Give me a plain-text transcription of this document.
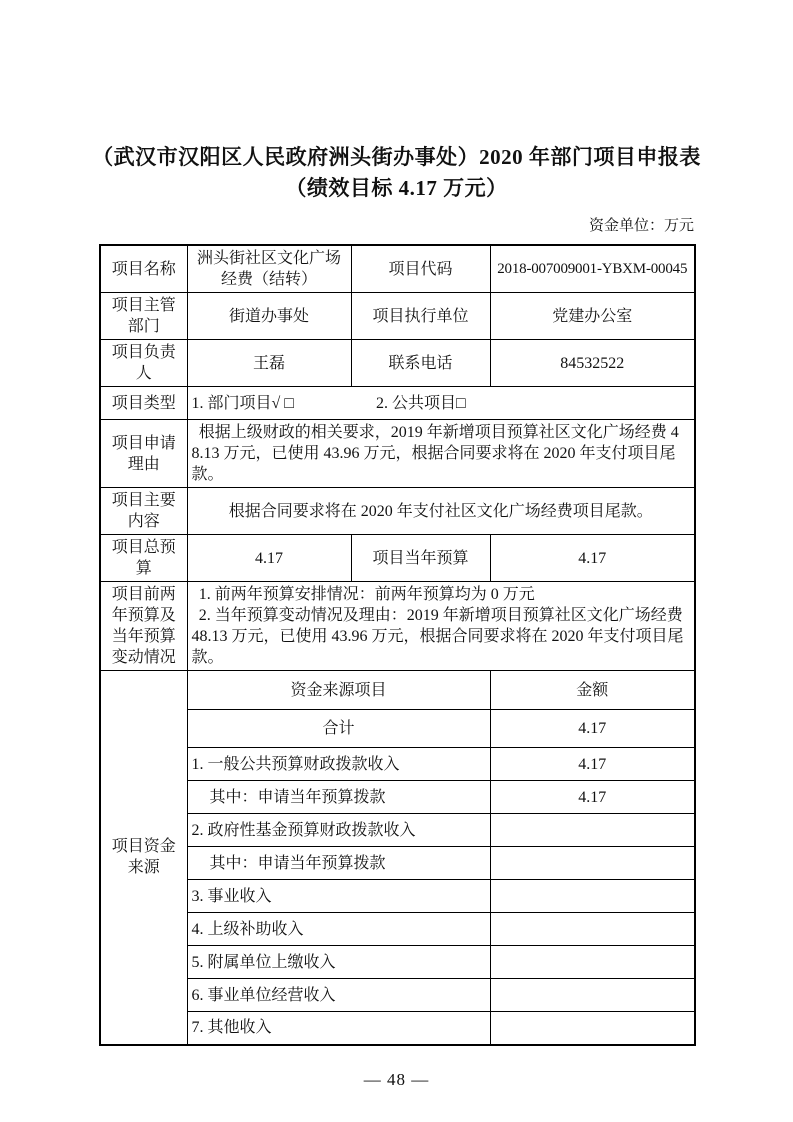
（武汉市汉阳区人民政府洲头街办事处）2020 年部门项目申报表（绩效目标 4.17 万元）
资金单位：万元
项目名称	洲头街社区文化广场经费（结转）	项目代码	2018-007009001-YBXM-00045
项目主管部门	街道办事处	项目执行单位	党建办公室
项目负责人	王磊	联系电话	84532522
项目类型	1. 部门项目√ □ 2. 公共项目□		
项目申请理由	根据上级财政的相关要求，2019 年新增项目预算社区文化广场经费 48.13 万元，已使用 43.96 万元，根据合同要求将在 2020 年支付项目尾款。		

项目主要内容	根据合同要求将在 2020 年支付社区文化广场经费项目尾款。		
项目总预算	4.17	项目当年预算	4.17
项目前两年预算及当年预算变动情况	1. 前两年预算安排情况：前两年预算均为 0 万元

2. 当年预算变动情况及理由：2019 年新增项目预算社区文化广场经费 48.13 万元，已使用 43.96 万元，根据合同要求将在 2020 年支付项目尾款。		

项目资金来源	资金来源项目		金额
	合计		4.17
	1. 一般公共预算财政拨款收入		4.17
	其中：申请当年预算拨款		4.17
	2. 政府性基金预算财政拨款收入		
	其中：申请当年预算拨款		
	3. 事业收入		
	4. 上级补助收入		
	5. 附属单位上缴收入		
	6. 事业单位经营收入		
	7. 其他收入		
— 48 —
